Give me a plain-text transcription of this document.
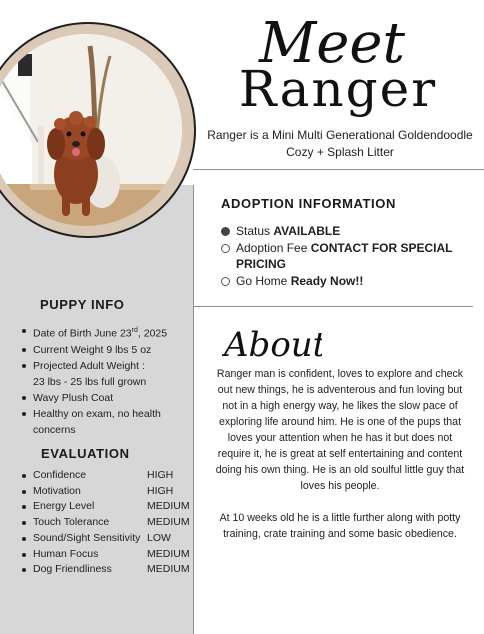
Meet
Ranger
Ranger is a Mini Multi Generational Goldendoodle
Cozy + Splash Litter
ADOPTION INFORMATION
Status AVAILABLE
Adoption Fee CONTACT FOR SPECIAL PRICING
Go Home Ready Now!!
About

Ranger man is confident, loves to explore and check out new things, he is adventerous and fun loving but not in a high energy way, he likes the slow pace of exploring life around him. He is one of the pups that loves your attention when he has it but does not require it, he is great at self entertaining and content doing his own thing. He is an old soulful little guy that loves his people.

At 10 weeks old he is a little further along with potty training, crate training and some basic obedience.

PUPPY INFO
Date of Birth June 23rd, 2025
Current Weight 9 lbs 5 oz
Projected Adult Weight :
23 lbs - 25 lbs full grown
Wavy Plush Coat
Healthy on exam, no health concerns
EVALUATION
Confidence	HIGH
Motivation	HIGH
Energy Level	MEDIUM
Touch Tolerance	MEDIUM
Sound/Sight Sensitivity LOW
Human Focus	MEDIUM
Dog Friendliness	MEDIUM
